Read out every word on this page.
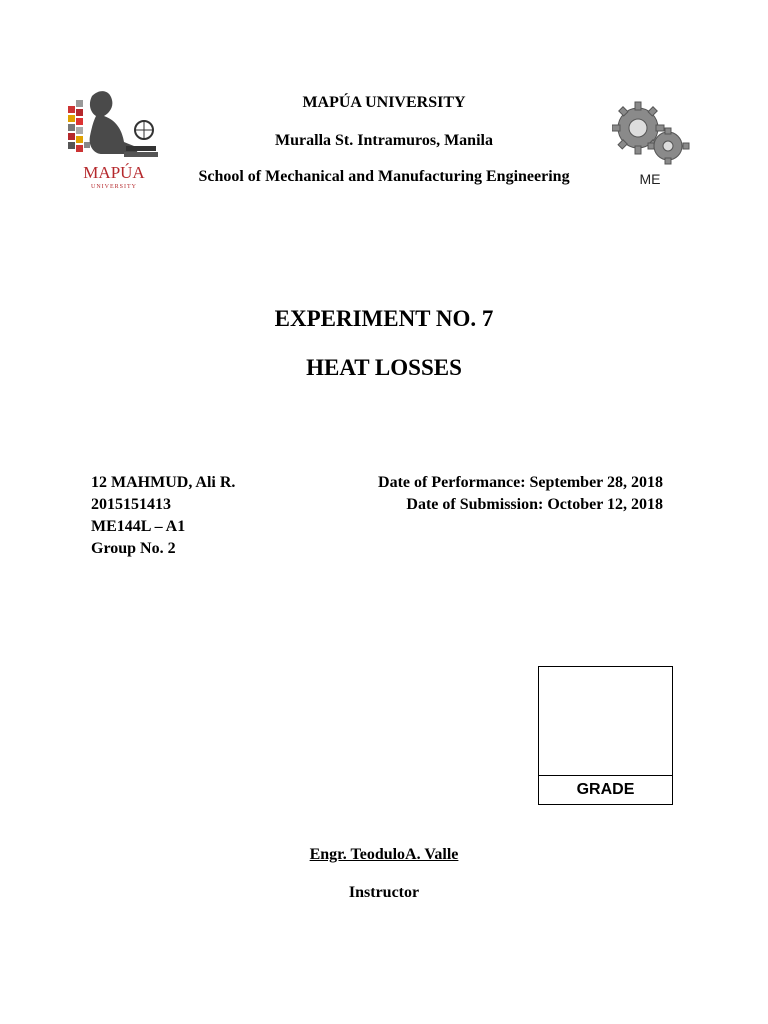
MAPÚA
UNIVERSITY	ME
MAPÚA UNIVERSITY
Muralla St. Intramuros, Manila
School of Mechanical and Manufacturing Engineering
EXPERIMENT NO. 7
HEAT LOSSES
12 MAHMUD, Ali R.
2015151413
ME144L – A1
Group No. 2
Date of Performance: September 28, 2018
Date of Submission: October 12, 2018
GRADE
Engr. TeoduloA. Valle
Instructor
